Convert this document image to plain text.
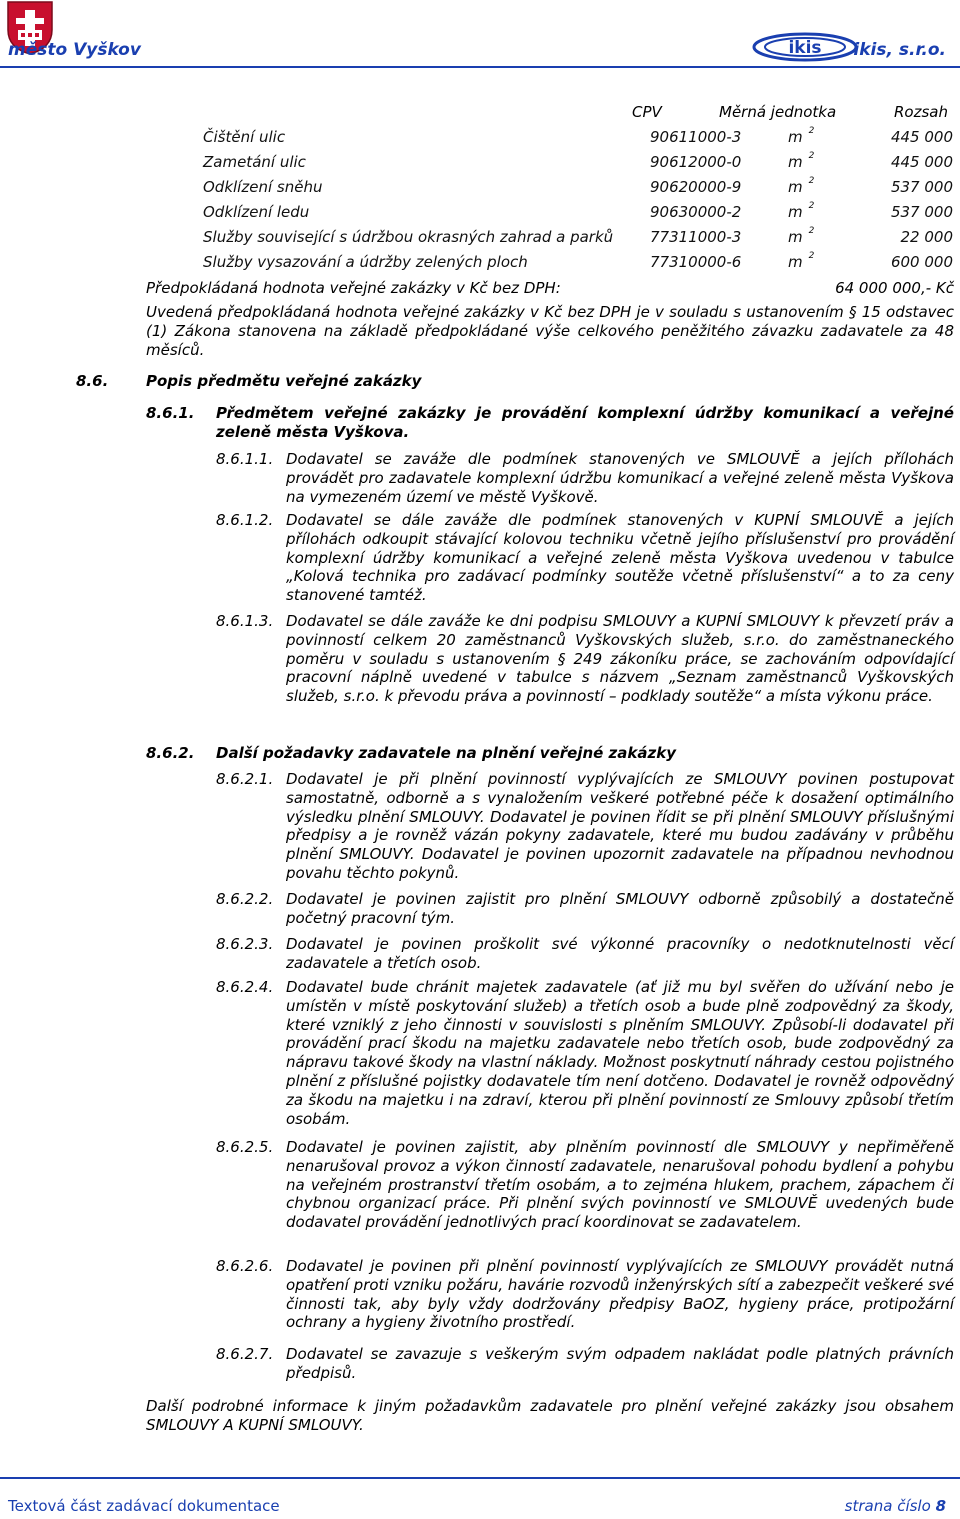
město Vyškov	ikis ikis, s.r.o.
CPV	Měrná jednotka	Rozsah
Čištění ulic	90611000-3	m $^2$	445 000
Zametání ulic	90612000-0	m $^2$	445 000
Odklízení sněhu	90620000-9	m $^2$	537 000
Odklízení ledu	90630000-2	m $^2$	537 000
Služby související s údržbou okrasných zahrad a parků 77311000-3	m $^2$	22 000
Služby vysazování a údržby zelených ploch	77310000-6	m $^2$	600 000
Předpokládaná hodnota veřejné zakázky v Kč bez DPH:	64 000 000,- Kč
Uvedená předpokládaná hodnota veřejné zakázky v Kč bez DPH je v souladu s ustanovením § 15 odstavec (1) Zákona stanovena na základě předpokládané výše celkového peněžitého závazku zadavatele za 48 měsíců.
8.6.	Popis předmětu veřejné zakázky
8.6.1. Předmětem veřejné zakázky je provádění komplexní údržby komunikací a veřejné zeleně města Vyškova.
8.6.1.1. Dodavatel se zaváže dle podmínek stanovených ve SMLOUVĚ a jejích přílohách provádět pro zadavatele komplexní údržbu komunikací a veřejné zeleně města Vyškova na vymezeném území ve městě Vyškově.
8.6.1.2. Dodavatel se dále zaváže dle podmínek stanovených v KUPNÍ SMLOUVĚ a jejích přílohách odkoupit stávající kolovou techniku včetně jejího příslušenství pro provádění komplexní údržby komunikací a veřejné zeleně města Vyškova uvedenou v tabulce „Kolová technika pro zadávací podmínky soutěže včetně příslušenství“ a to za ceny stanovené tamtéž.
8.6.1.3. Dodavatel se dále zaváže ke dni podpisu SMLOUVY a KUPNÍ SMLOUVY k převzetí práv a povinností celkem 20 zaměstnanců Vyškovských služeb, s.r.o. do zaměstnaneckého poměru v souladu s ustanovením § 249 zákoníku práce, se zachováním odpovídající pracovní náplně uvedené v tabulce s názvem „Seznam zaměstnanců Vyškovských služeb, s.r.o. k převodu práva a povinností – podklady soutěže“ a místa výkonu práce.
8.6.2. Další požadavky zadavatele na plnění veřejné zakázky
8.6.2.1. Dodavatel je při plnění povinností vyplývajících ze SMLOUVY povinen postupovat samostatně, odborně a s vynaložením veškeré potřebné péče k dosažení optimálního výsledku plnění SMLOUVY. Dodavatel je povinen řídit se při plnění SMLOUVY příslušnými předpisy a je rovněž vázán pokyny zadavatele, které mu budou zadávány v průběhu plnění SMLOUVY. Dodavatel je povinen upozornit zadavatele na případnou nevhodnou povahu těchto pokynů.
8.6.2.2. Dodavatel je povinen zajistit pro plnění SMLOUVY odborně způsobilý a dostatečně početný pracovní tým.
8.6.2.3. Dodavatel je povinen proškolit své výkonné pracovníky o nedotknutelnosti věcí zadavatele a třetích osob.
8.6.2.4. Dodavatel bude chránit majetek zadavatele (ať již mu byl svěřen do užívání nebo je umístěn v místě poskytování služeb) a třetích osob a bude plně zodpovědný za škody, které vzniklý z jeho činnosti v souvislosti s plněním SMLOUVY. Způsobí-li dodavatel při provádění prací škodu na majetku zadavatele nebo třetích osob, bude zodpovědný za nápravu takové škody na vlastní náklady. Možnost poskytnutí náhrady cestou pojistného plnění z příslušné pojistky dodavatele tím není dotčeno. Dodavatel je rovněž odpovědný za škodu na majetku i na zdraví, kterou při plnění povinností ze Smlouvy způsobí třetím osobám.
8.6.2.5. Dodavatel je povinen zajistit, aby plněním povinností dle SMLOUVY y nepřiměřeně nenarušoval provoz a výkon činností zadavatele, nenarušoval pohodu bydlení a pohybu na veřejném prostranství třetím osobám, a to zejména hlukem, prachem, zápachem či chybnou organizací práce. Při plnění svých povinností ve SMLOUVĚ uvedených bude dodavatel provádění jednotlivých prací koordinovat se zadavatelem.
8.6.2.6. Dodavatel je povinen při plnění povinností vyplývajících ze SMLOUVY provádět nutná opatření proti vzniku požáru, havárie rozvodů inženýrských sítí a zabezpečit veškeré své činnosti tak, aby byly vždy dodržovány předpisy BaOZ, hygieny práce, protipožární ochrany a hygieny životního prostředí.
8.6.2.7. Dodavatel se zavazuje s veškerým svým odpadem nakládat podle platných právních předpisů.
Další podrobné informace k jiným požadavkům zadavatele pro plnění veřejné zakázky jsou obsahem SMLOUVY A KUPNÍ SMLOUVY.
Textová část zadávací dokumentace	strana číslo 8
